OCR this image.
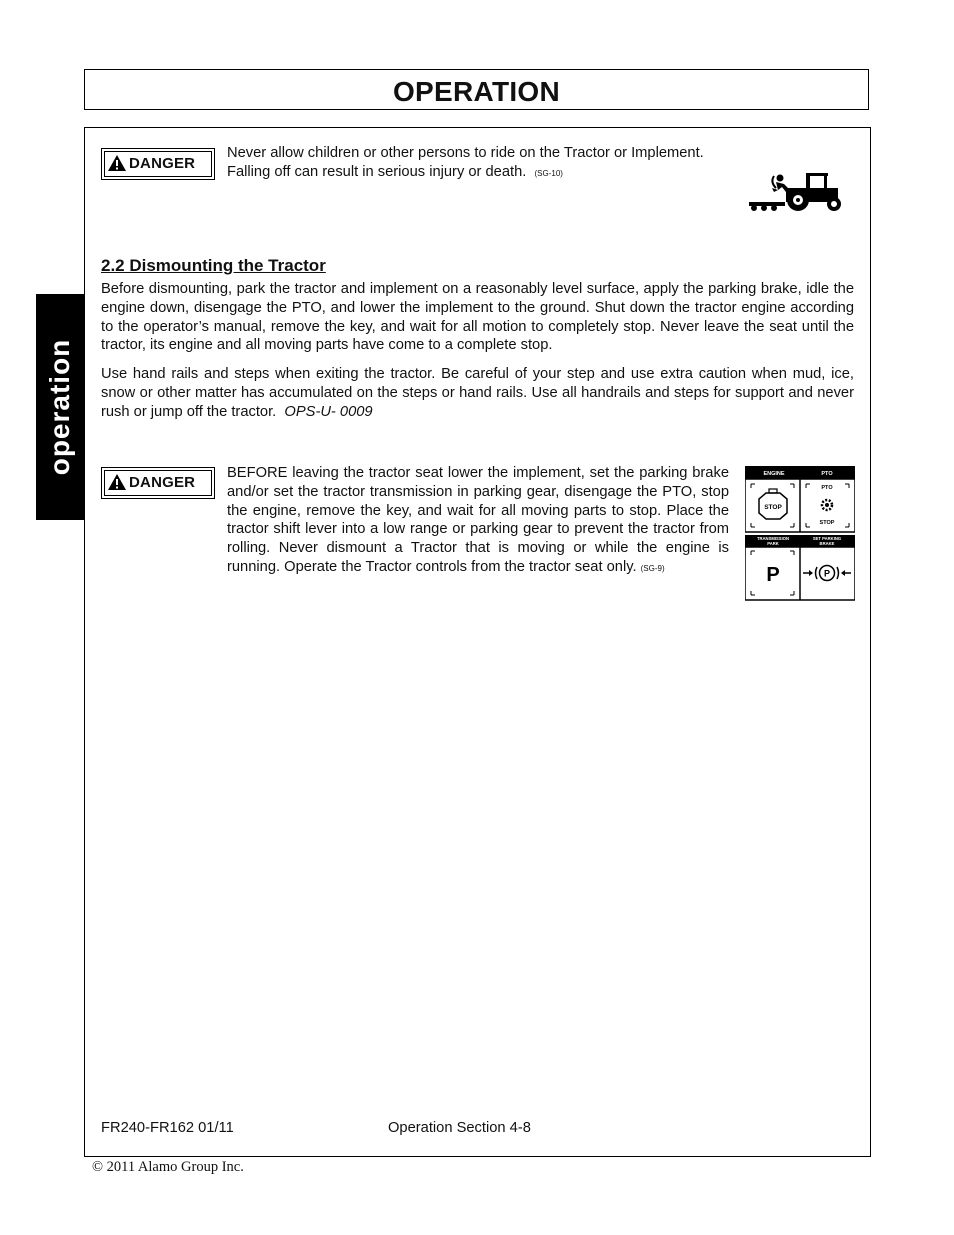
OPERATION
operation
DANGER
Never allow children or other persons to ride on the Tractor or Implement.
Falling off can result in serious injury or death. (SG-10)
2.2 Dismounting the Tractor
Before dismounting, park the tractor and implement on a reasonably level surface, apply the parking brake, idle the engine down, disengage the PTO, and lower the implement to the ground. Shut down the tractor engine according to the operator’s manual, remove the key, and wait for all motion to completely stop. Never leave the seat until the tractor, its engine and all moving parts have come to a complete stop.
Use hand rails and steps when exiting the tractor. Be careful of your step and use extra caution when mud, ice, snow or other matter has accumulated on the steps or hand rails. Use all handrails and steps for support and never rush or jump off the tractor. OPS-U- 0009
DANGER
BEFORE leaving the tractor seat lower the implement, set the parking brake and/or set the tractor transmission in parking gear, disengage the PTO, stop the engine, remove the key, and wait for all moving parts to stop. Place the tractor shift lever into a low range or parking gear to prevent the tractor from rolling. Never dismount a Tractor that is moving or while the engine is running. Operate the Tractor controls from the tractor seat only. (SG-9)
ENGINE	PTO
STOP
PTO
STOP
TRANSMISSION
PARK
SET PARKING
BRAKE
P	P
FR240-FR162 01/11	Operation Section 4-8
© 2011 Alamo Group Inc.
